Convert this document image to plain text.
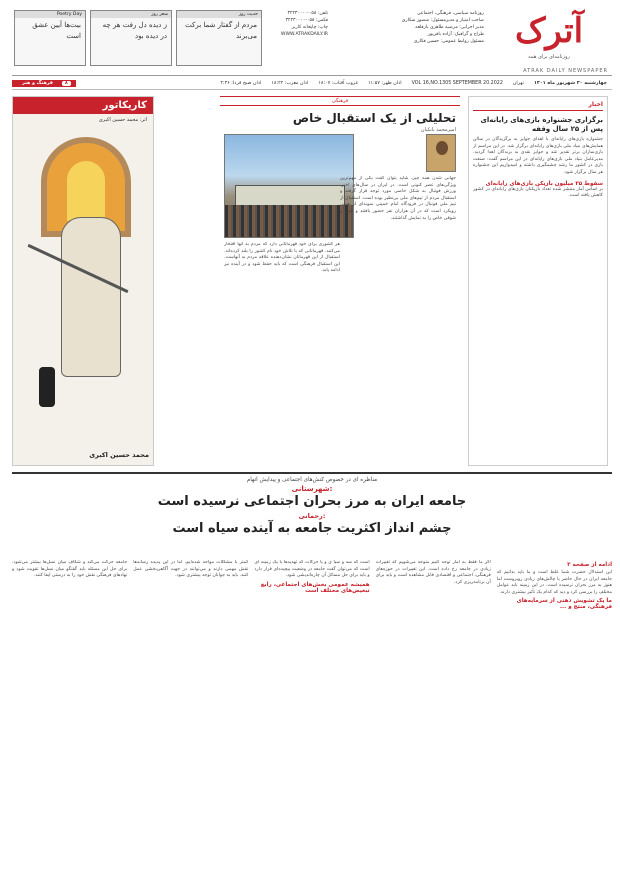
آترک
روزنامه‌ای برای همه
روزنامه سیاسی، فرهنگی، اجتماعی
صاحب امتیاز و مدیرمسئول: منصور شکاری
مدیر اجرایی: مرضیه طاهری بازقلعه
طراح و گرافیک: آزاده باقرپور
مسئول روابط عمومی: حسین فکاری
تلفن: ۰۵۸-۳۲۲۳۰۰۰۰
فکس: ۰۵۸-۳۲۲۳۰۰۰۰
چاپ: چاپخانه کاربر
WWW.ATRAKDAILY.IR
حدیث روز
مردم از گفتار شما برکت می‌برند
شعر روز
ز دیده دل رفت هر چه در دیده بود
Poetry Day
بیت‌ها آیین عشق است
ATRAK DAILY NEWSPAPER
چهارشنبه ۳۰ شهریور ماه ۱۴۰۱
تهران
VOL 16,NO.1305 SEPTEMBER 20.2022
اذان ظهر: ۱۱:۵۷
غروب آفتاب: ۱۸:۰۷
اذان مغرب: ۱۸:۲۲
اذان صبح فردا: ۴:۳۶
۸
فرهنگ و هنر
اخبار
برگزاری جشنواره بازی‌های رایانه‌ای پس از ۲۵ سال وقفه
جشنواره بازی‌های رایانه‌ای با اهدای جوایز به برگزیدگان در سالن همایش‌های بنیاد ملی بازی‌های رایانه‌ای برگزار شد. در این مراسم از بازی‌سازان برتر تقدیر شد و جوایز نقدی به برندگان اهدا گردید. مدیرعامل بنیاد ملی بازی‌های رایانه‌ای در این مراسم گفت: صنعت بازی در کشور ما رشد چشمگیری داشته و امیدواریم این جشنواره هر سال برگزار شود.
سقوط ۳۵ میلیون بازیکن بازی‌های رایانه‌ای
بر اساس آمار منتشر شده تعداد بازیکنان بازی‌های رایانه‌ای در کشور کاهش یافته است.
فرهنگی
تحلیلی از یک استقبال خاص
امیرمحمد بانکیان
جهانی شدن همه چیز، شاید بتوان گفت یکی از مهم‌ترین ویژگی‌های عصر کنونی است. در ایران در سال‌های اخیر، ورزش فوتبال به شکل خاصی مورد توجه قرار گرفته و استقبال مردم از تیم‌های ملی بی‌نظیر بوده است. استقبال از تیم ملی فوتبال در فرودگاه امام خمینی نمونه‌ای از همین رویکرد است که در آن هزاران نفر حضور یافتند و شور و شوقی خاص را به نمایش گذاشتند.
هر کشوری برای خود قهرمانانی دارد که مردم به آنها افتخار می‌کنند. قهرمانانی که با تلاش خود نام کشور را بلند کرده‌اند. استقبال از این قهرمانان نشان‌دهنده علاقه مردم به آنهاست. این استقبال فرهنگی است که باید حفظ شود و در آینده نیز ادامه یابد.
کاریکاتور
اثر: محمد حسین اکبری
محمد حسین اکبری
مناظره ای در خصوص کنش‌های اجتماعی و پیدایش اتهام
شهرستانی:
جامعه ایران به مرز بحران اجتماعی نرسیده است
رحمانی:
چشم انداز اکثریت جامعه به آینده سیاه است
ادامه از صفحه ۳
این استدلال حضرت شما غلط است و ما باید بدانیم که جامعه ایران در حال حاضر با چالش‌های زیادی روبروست اما هنوز به مرز بحران نرسیده است. در این زمینه باید عوامل مختلف را بررسی کرد و دید که کدام یک تأثیر بیشتری دارند.
ما یک تشویش ذهنی از سرمایه‌های فرهنگی، منتج و ...
اگر ما فقط به آمار توجه کنیم متوجه می‌شویم که تغییرات زیادی در جامعه رخ داده است. این تغییرات در حوزه‌های فرهنگی، اجتماعی و اقتصادی قابل مشاهده است و باید برای آن برنامه‌ریزی کرد.
است که سه و سیا ی و یا حرکات که تهدیدها با یک زمینه ای است که می‌توان گفت جامعه در وضعیت پیچیده‌ای قرار دارد و باید برای حل مسائل آن چاره‌اندیشی شود.
همیشه عمومی بخش‌های اجتماعی، رابع تبعیض‌های مختلف است
کمتر با مشکلات مواجه شده‌ایم، اما در این پدیده رسانه‌ها نقش مهمی دارند و می‌توانند در جهت آگاهی‌بخشی عمل کنند. باید به جوانان توجه بیشتری شود.
جامعه حرکت می‌کند و شکاف میان نسل‌ها بیشتر می‌شود. برای حل این مسئله باید گفتگو میان نسل‌ها تقویت شود و نهادهای فرهنگی نقش خود را به درستی ایفا کنند.
